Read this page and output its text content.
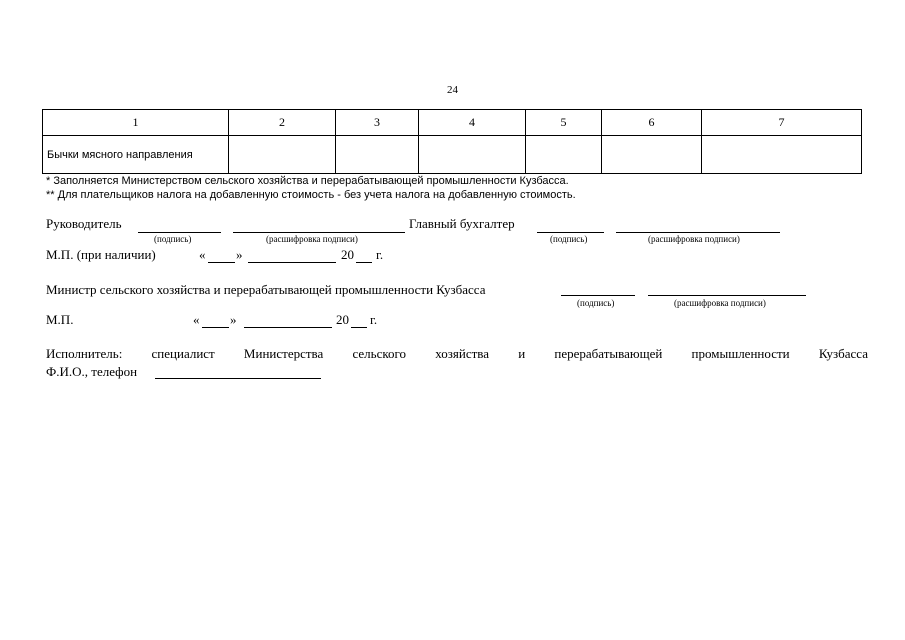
24
1	2	3	4	5	6	7
Бычки мясного направления						
* Заполняется Министерством сельского хозяйства и перерабатывающей промышленности Кузбасса.
** Для плательщиков налога на добавленную стоимость - без учета налога на добавленную стоимость.
Руководитель	Главный бухгалтер
(подпись)	(расшифровка подписи)	(подпись)	(расшифровка подписи)
М.П. (при наличии)	« »	20 г.
Министр сельского хозяйства и перерабатывающей промышленности Кузбасса
(подпись)	(расшифровка подписи)
М.П.	« »	20 г.
Исполнитель: специалист Министерства сельского хозяйства и перерабатывающей промышленности Кузбасса
Ф.И.О., телефон
